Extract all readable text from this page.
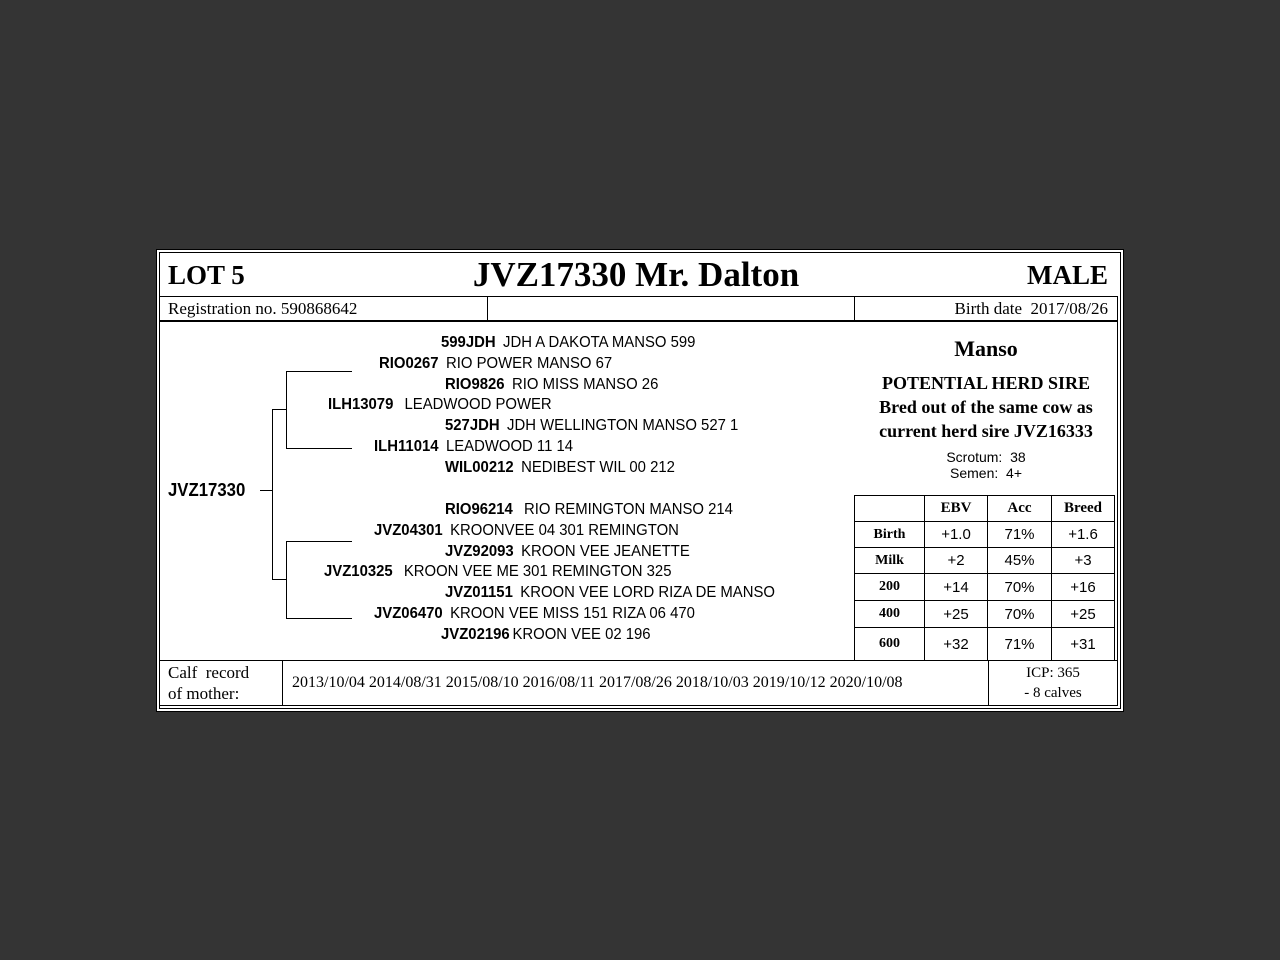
LOT 5	JVZ17330 Mr. Dalton	MALE
Registration no. 590868642	Birth date 2017/08/26
JVZ17330
599JDH JDH A DAKOTA MANSO 599
RIO0267 RIO POWER MANSO 67
RIO9826 RIO MISS MANSO 26
ILH13079 LEADWOOD POWER
527JDH JDH WELLINGTON MANSO 527 1
ILH11014 LEADWOOD 11 14
WIL00212 NEDIBEST WIL 00 212
RIO96214 RIO REMINGTON MANSO 214
JVZ04301 KROONVEE 04 301 REMINGTON
JVZ92093 KROON VEE JEANETTE
JVZ10325 KROON VEE ME 301 REMINGTON 325
JVZ01151 KROON VEE LORD RIZA DE MANSO
JVZ06470 KROON VEE MISS 151 RIZA 06 470
JVZ02196 KROON VEE 02 196
Manso
POTENTIAL HERD SIRE
Bred out of the same cow as
current herd sire JVZ16333
Scrotum: 38
Semen: 4+
	EBV	Acc	Breed
Birth	+1.0	71%	+1.6
Milk	+2	45%	+3
200	+14	70%	+16
400	+25	70%	+25
600	+32	71%	+31
Calf  record
of mother:
2013/10/04 2014/08/31 2015/08/10 2016/08/11 2017/08/26 2018/10/03 2019/10/12 2020/10/08
ICP: 365
- 8 calves
